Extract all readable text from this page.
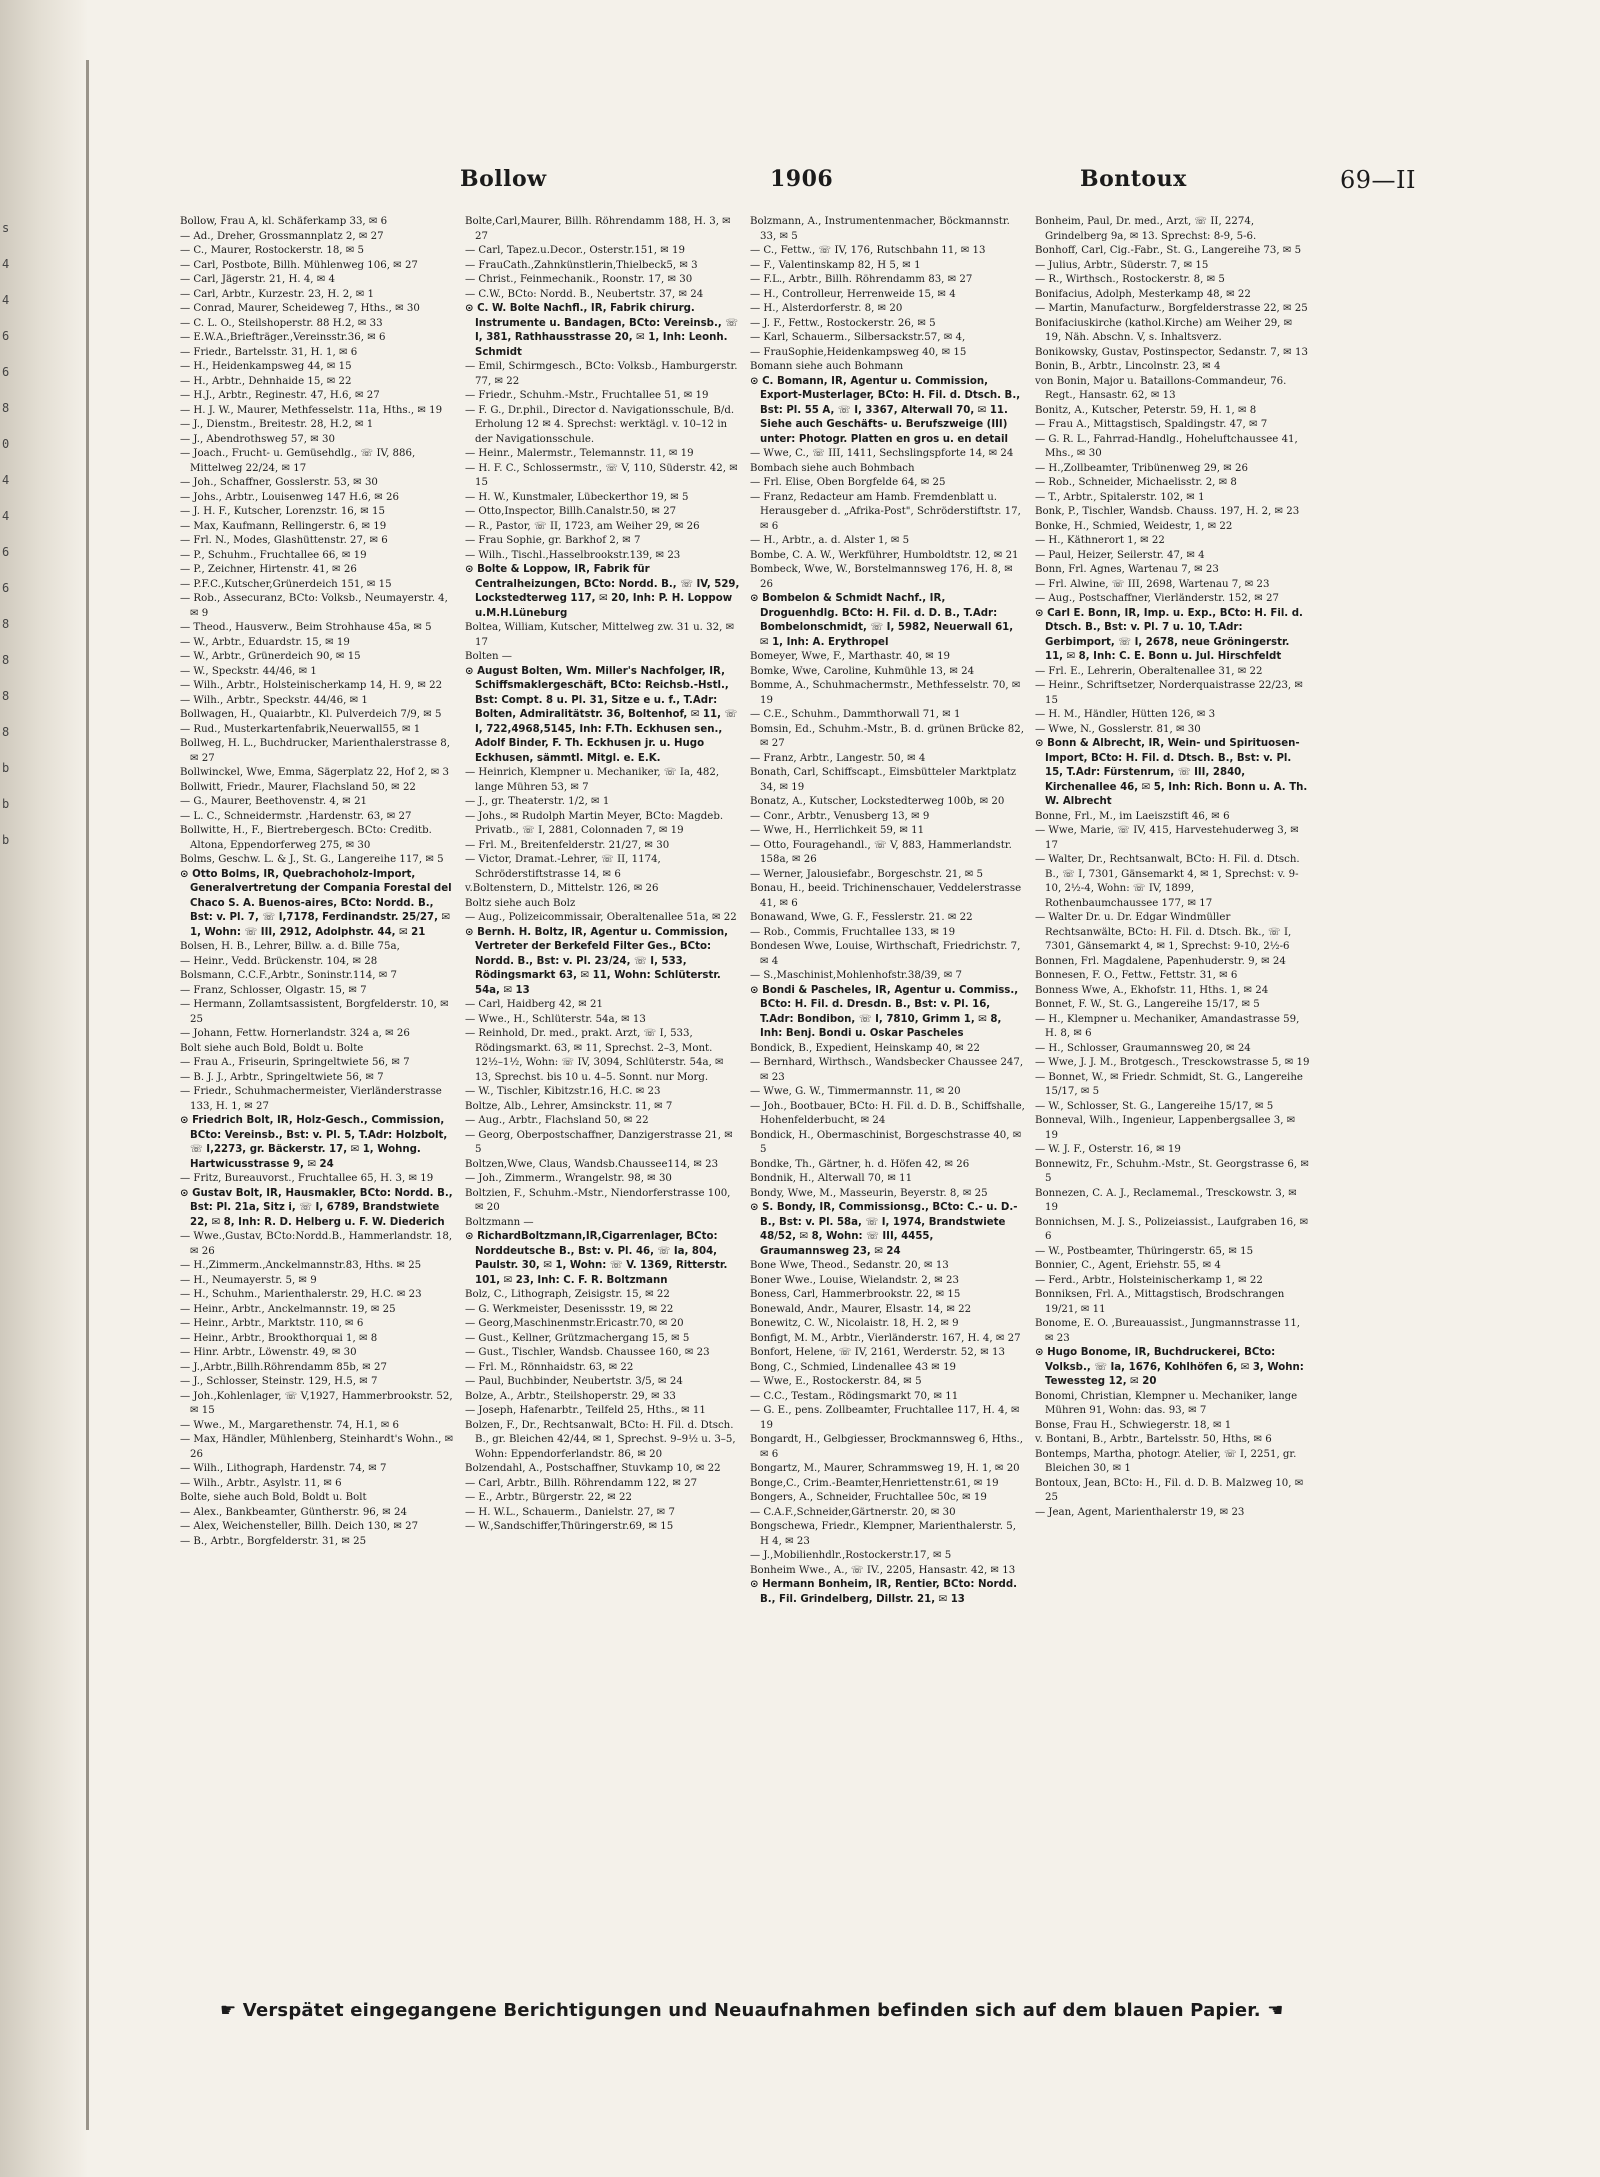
s
4
4
6
6
8
0
4
4
6
6
8
8
8
8
b
b
b
Bollow	1906	Bontoux	69—II

Bollow, Frau A, kl. Schäferkamp 33, ✉ 6

— Ad., Dreher, Grossmannplatz 2, ✉ 27

— C., Maurer, Rostockerstr. 18, ✉ 5

— Carl, Postbote, Billh. Mühlenweg 106, ✉ 27

— Carl, Jägerstr. 21, H. 4, ✉ 4

— Carl, Arbtr., Kurzestr. 23, H. 2, ✉ 1

— Conrad, Maurer, Scheideweg 7, Hths., ✉ 30

— C. L. O., Steilshoperstr. 88 H.2, ✉ 33

— E.W.A.,Briefträger.,Vereinsstr.36, ✉ 6

— Friedr., Bartelsstr. 31, H. 1, ✉ 6

— H., Heidenkampsweg 44, ✉ 15

— H., Arbtr., Dehnhaide 15, ✉ 22

— H.J., Arbtr., Reginestr. 47, H.6, ✉ 27

— H. J. W., Maurer, Methfesselstr. 11a, Hths., ✉ 19

— J., Dienstm., Breitestr. 28, H.2, ✉ 1

— J., Abendrothsweg 57, ✉ 30

— Joach., Frucht- u. Gemüsehdlg., ☏ IV, 886, Mittelweg 22/24, ✉ 17

— Joh., Schaffner, Gosslerstr. 53, ✉ 30

— Johs., Arbtr., Louisenweg 147 H.6, ✉ 26

— J. H. F., Kutscher, Lorenzstr. 16, ✉ 15

— Max, Kaufmann, Rellingerstr. 6, ✉ 19

— Frl. N., Modes, Glashüttenstr. 27, ✉ 6

— P., Schuhm., Fruchtallee 66, ✉ 19

— P., Zeichner, Hirtenstr. 41, ✉ 26

— P.F.C.,Kutscher,Grünerdeich 151, ✉ 15

— Rob., Assecuranz, BCto: Volksb., Neumayerstr. 4, ✉ 9

— Theod., Hausverw., Beim Strohhause 45a, ✉ 5

— W., Arbtr., Eduardstr. 15, ✉ 19

— W., Arbtr., Grünerdeich 90, ✉ 15

— W., Speckstr. 44/46, ✉ 1

— Wilh., Arbtr., Holsteinischerkamp 14, H. 9, ✉ 22

— Wilh., Arbtr., Speckstr. 44/46, ✉ 1

Bollwagen, H., Quaiarbtr., Kl. Pulverdeich 7/9, ✉ 5

— Rud., Musterkartenfabrik,Neuerwall55, ✉ 1

Bollweg, H. L., Buchdrucker, Marienthalerstrasse 8, ✉ 27

Bollwinckel, Wwe, Emma, Sägerplatz 22, Hof 2, ✉ 3

Bollwitt, Friedr., Maurer, Flachsland 50, ✉ 22

— G., Maurer, Beethovenstr. 4, ✉ 21

— L. C., Schneidermstr. ,Hardenstr. 63, ✉ 27

Bollwitte, H., F., Biertrebergesch. BCto: Creditb. Altona, Eppendorferweg 275, ✉ 30

Bolms, Geschw. L. & J., St. G., Langereihe 117, ✉ 5

⊙ Otto Bolms, IR, Quebrachoholz-Import, Generalvertretung der Compania Forestal del Chaco S. A. Buenos-aires, BCto: Nordd. B., Bst: v. Pl. 7, ☏ I,7178, Ferdinandstr. 25/27, ✉ 1, Wohn: ☏ III, 2912, Adolphstr. 44, ✉ 21

Bolsen, H. B., Lehrer, Billw. a. d. Bille 75a,

— Heinr., Vedd. Brückenstr. 104, ✉ 28

Bolsmann, C.C.F.,Arbtr., Soninstr.114, ✉ 7

— Franz, Schlosser, Olgastr. 15, ✉ 7

— Hermann, Zollamtsassistent, Borgfelderstr. 10, ✉ 25

— Johann, Fettw. Hornerlandstr. 324 a, ✉ 26

Bolt siehe auch Bold, Boldt u. Bolte

— Frau A., Friseurin, Springeltwiete 56, ✉ 7

— B. J. J., Arbtr., Springeltwiete 56, ✉ 7

— Friedr., Schuhmachermeister, Vierländerstrasse 133, H. 1, ✉ 27

⊙ Friedrich Bolt, IR, Holz-Gesch., Commission, BCto: Vereinsb., Bst: v. Pl. 5, T.Adr: Holzbolt, ☏ I,2273, gr. Bäckerstr. 17, ✉ 1, Wohng. Hartwicusstrasse 9, ✉ 24

— Fritz, Bureauvorst., Fruchtallee 65, H. 3, ✉ 19

⊙ Gustav Bolt, IR, Hausmakler, BCto: Nordd. B., Bst: Pl. 21a, Sitz i, ☏ I, 6789, Brandstwiete 22, ✉ 8, Inh: R. D. Helberg u. F. W. Diederich

— Wwe.,Gustav, BCto:Nordd.B., Hammerlandstr. 18, ✉ 26

— H.,Zimmerm.,Anckelmannstr.83, Hths. ✉ 25

— H., Neumayerstr. 5, ✉ 9

— H., Schuhm., Marienthalerstr. 29, H.C. ✉ 23

— Heinr., Arbtr., Anckelmannstr. 19, ✉ 25

— Heinr., Arbtr., Marktstr. 110, ✉ 6

— Heinr., Arbtr., Brookthorquai 1, ✉ 8

— Hinr. Arbtr., Löwenstr. 49, ✉ 30

— J.,Arbtr.,Billh.Röhrendamm 85b, ✉ 27

— J., Schlosser, Steinstr. 129, H.5, ✉ 7

— Joh.,Kohlenlager, ☏ V,1927, Hammerbrookstr. 52, ✉ 15

— Wwe., M., Margarethenstr. 74, H.1, ✉ 6

— Max, Händler, Mühlenberg, Steinhardt's Wohn., ✉ 26

— Wilh., Lithograph, Hardenstr. 74, ✉ 7

— Wilh., Arbtr., Asylstr. 11, ✉ 6

Bolte, siehe auch Bold, Boldt u. Bolt

— Alex., Bankbeamter, Güntherstr. 96, ✉ 24

— Alex, Weichensteller, Billh. Deich 130, ✉ 27

— B., Arbtr., Borgfelderstr. 31, ✉ 25

Bolte,Carl,Maurer, Billh. Röhrendamm 188, H. 3, ✉ 27

— Carl, Tapez.u.Decor., Osterstr.151, ✉ 19

— FrauCath.,Zahnkünstlerin,Thielbeck5, ✉ 3

— Christ., Feinmechanik., Roonstr. 17, ✉ 30

— C.W., BCto: Nordd. B., Neubertstr. 37, ✉ 24

⊙ C. W. Bolte Nachfl., IR, Fabrik chirurg. Instrumente u. Bandagen, BCto: Vereinsb., ☏ I, 381, Rathhausstrasse 20, ✉ 1, Inh: Leonh. Schmidt

— Emil, Schirmgesch., BCto: Volksb., Hamburgerstr. 77, ✉ 22

— Friedr., Schuhm.-Mstr., Fruchtallee 51, ✉ 19

— F. G., Dr.phil., Director d. Navigationsschule, B/d. Erholung 12 ✉ 4. Sprechst: werktägl. v. 10–12 in der Navigationsschule.

— Heinr., Malermstr., Telemannstr. 11, ✉ 19

— H. F. C., Schlossermstr., ☏ V, 110, Süderstr. 42, ✉ 15

— H. W., Kunstmaler, Lübeckerthor 19, ✉ 5

— Otto,Inspector, Billh.Canalstr.50, ✉ 27

— R., Pastor, ☏ II, 1723, am Weiher 29, ✉ 26

— Frau Sophie, gr. Barkhof 2, ✉ 7

— Wilh., Tischl.,Hasselbrookstr.139, ✉ 23

⊙ Bolte & Loppow, IR, Fabrik für Centralheizungen, BCto: Nordd. B., ☏ IV, 529, Lockstedterweg 117, ✉ 20, Inh: P. H. Loppow u.M.H.Lüneburg

Boltea, William, Kutscher, Mittelweg zw. 31 u. 32, ✉ 17

Bolten —

⊙ August Bolten, Wm. Miller's Nachfolger, IR, Schiffsmaklergeschäft, BCto: Reichsb.-Hstl., Bst: Compt. 8 u. Pl. 31, Sitze e u. f., T.Adr: Bolten, Admiralitätstr. 36, Boltenhof, ✉ 11, ☏ I, 722,4968,5145, Inh: F.Th. Eckhusen sen., Adolf Binder, F. Th. Eckhusen jr. u. Hugo Eckhusen, sämmtl. Mitgl. e. E.K.

— Heinrich, Klempner u. Mechaniker, ☏ Ia, 482, lange Mühren 53, ✉ 7

— J., gr. Theaterstr. 1/2, ✉ 1

— Johs., ✉ Rudolph Martin Meyer, BCto: Magdeb. Privatb., ☏ I, 2881, Colonnaden 7, ✉ 19

— Frl. M., Breitenfelderstr. 21/27, ✉ 30

— Victor, Dramat.-Lehrer, ☏ II, 1174, Schröderstiftstrasse 14, ✉ 6

v.Boltenstern, D., Mittelstr. 126, ✉ 26

Boltz siehe auch Bolz

— Aug., Polizeicommissair, Oberaltenallee 51a, ✉ 22

⊙ Bernh. H. Boltz, IR, Agentur u. Commission, Vertreter der Berkefeld Filter Ges., BCto: Nordd. B., Bst: v. Pl. 23/24, ☏ I, 533, Rödingsmarkt 63, ✉ 11, Wohn: Schlüterstr. 54a, ✉ 13

— Carl, Haidberg 42, ✉ 21

— Wwe., H., Schlüterstr. 54a, ✉ 13

— Reinhold, Dr. med., prakt. Arzt, ☏ I, 533, Rödingsmarkt. 63, ✉ 11, Sprechst. 2–3, Mont. 12½–1½, Wohn: ☏ IV, 3094, Schlüterstr. 54a, ✉ 13, Sprechst. bis 10 u. 4–5. Sonnt. nur Morg.

— W., Tischler, Kibitzstr.16, H.C. ✉ 23

Boltze, Alb., Lehrer, Amsinckstr. 11, ✉ 7

— Aug., Arbtr., Flachsland 50, ✉ 22

— Georg, Oberpostschaffner, Danzigerstrasse 21, ✉ 5

Boltzen,Wwe, Claus, Wandsb.Chaussee114, ✉ 23

— Joh., Zimmerm., Wrangelstr. 98, ✉ 30

Boltzien, F., Schuhm.-Mstr., Niendorferstrasse 100, ✉ 20

Boltzmann —

⊙ RichardBoltzmann,IR,Cigarrenlager, BCto: Norddeutsche B., Bst: v. Pl. 46, ☏ Ia, 804, Paulstr. 30, ✉ 1, Wohn: ☏ V. 1369, Ritterstr. 101, ✉ 23, Inh: C. F. R. Boltzmann

Bolz, C., Lithograph, Zeisigstr. 15, ✉ 22

— G. Werkmeister, Desenissstr. 19, ✉ 22

— Georg,Maschinenmstr.Ericastr.70, ✉ 20

— Gust., Kellner, Grützmachergang 15, ✉ 5

— Gust., Tischler, Wandsb. Chaussee 160, ✉ 23

— Frl. M., Rönnhaidstr. 63, ✉ 22

— Paul, Buchbinder, Neubertstr. 3/5, ✉ 24

Bolze, A., Arbtr., Steilshoperstr. 29, ✉ 33

— Joseph, Hafenarbtr., Teilfeld 25, Hths., ✉ 11

Bolzen, F., Dr., Rechtsanwalt, BCto: H. Fil. d. Dtsch. B., gr. Bleichen 42/44, ✉ 1, Sprechst. 9–9½ u. 3–5, Wohn: Eppendorferlandstr. 86, ✉ 20

Bolzendahl, A., Postschaffner, Stuvkamp 10, ✉ 22

— Carl, Arbtr., Billh. Röhrendamm 122, ✉ 27

— E., Arbtr., Bürgerstr. 22, ✉ 22

— H. W.L., Schauerm., Danielstr. 27, ✉ 7

— W.,Sandschiffer,Thüringerstr.69, ✉ 15

Bolzmann, A., Instrumentenmacher, Böckmannstr. 33, ✉ 5

— C., Fettw., ☏ IV, 176, Rutschbahn 11, ✉ 13

— F., Valentinskamp 82, H 5, ✉ 1

— F.L., Arbtr., Billh. Röhrendamm 83, ✉ 27

— H., Controlleur, Herrenweide 15, ✉ 4

— H., Alsterdorferstr. 8, ✉ 20

— J. F., Fettw., Rostockerstr. 26, ✉ 5

— Karl, Schauerm., Silbersackstr.57, ✉ 4,

— FrauSophie,Heidenkampsweg 40, ✉ 15

Bomann siehe auch Bohmann

⊙ C. Bomann, IR, Agentur u. Commission, Export-Musterlager, BCto: H. Fil. d. Dtsch. B., Bst: Pl. 55 A, ☏ I, 3367, Alterwall 70, ✉ 11. Siehe auch Geschäfts- u. Berufszweige (III) unter: Photogr. Platten en gros u. en detail

— Wwe, C., ☏ III, 1411, Sechslingspforte 14, ✉ 24

Bombach siehe auch Bohmbach

— Frl. Elise, Oben Borgfelde 64, ✉ 25

— Franz, Redacteur am Hamb. Fremdenblatt u. Herausgeber d. „Afrika-Post", Schröderstiftstr. 17, ✉ 6

— H., Arbtr., a. d. Alster 1, ✉ 5

Bombe, C. A. W., Werkführer, Humboldtstr. 12, ✉ 21

Bombeck, Wwe, W., Borstelmannsweg 176, H. 8, ✉ 26

⊙ Bombelon & Schmidt Nachf., IR, Droguenhdlg. BCto: H. Fil. d. D. B., T.Adr: Bombelonschmidt, ☏ I, 5982, Neuerwall 61, ✉ 1, Inh: A. Erythropel

Bomeyer, Wwe, F., Marthastr. 40, ✉ 19

Bomke, Wwe, Caroline, Kuhmühle 13, ✉ 24

Bomme, A., Schuhmachermstr., Methfesselstr. 70, ✉ 19

— C.E., Schuhm., Dammthorwall 71, ✉ 1

Bomsin, Ed., Schuhm.-Mstr., B. d. grünen Brücke 82, ✉ 27

— Franz, Arbtr., Langestr. 50, ✉ 4

Bonath, Carl, Schiffscapt., Eimsbütteler Marktplatz 34, ✉ 19

Bonatz, A., Kutscher, Lockstedterweg 100b, ✉ 20

— Conr., Arbtr., Venusberg 13, ✉ 9

— Wwe, H., Herrlichkeit 59, ✉ 11

— Otto, Fouragehandl., ☏ V, 883, Hammerlandstr. 158a, ✉ 26

— Werner, Jalousiefabr., Borgeschstr. 21, ✉ 5

Bonau, H., beeid. Trichinenschauer, Veddelerstrasse 41, ✉ 6

Bonawand, Wwe, G. F., Fesslerstr. 21. ✉ 22

— Rob., Commis, Fruchtallee 133, ✉ 19

Bondesen Wwe, Louise, Wirthschaft, Friedrichstr. 7, ✉ 4

— S.,Maschinist,Mohlenhofstr.38/39, ✉ 7

⊙ Bondi & Pascheles, IR, Agentur u. Commiss., BCto: H. Fil. d. Dresdn. B., Bst: v. Pl. 16, T.Adr: Bondibon, ☏ I, 7810, Grimm 1, ✉ 8, Inh: Benj. Bondi u. Oskar Pascheles

Bondick, B., Expedient, Heinskamp 40, ✉ 22

— Bernhard, Wirthsch., Wandsbecker Chaussee 247, ✉ 23

— Wwe, G. W., Timmermannstr. 11, ✉ 20

— Joh., Bootbauer, BCto: H. Fil. d. D. B., Schiffshalle, Hohenfelderbucht, ✉ 24

Bondick, H., Obermaschinist, Borgeschstrasse 40, ✉ 5

Bondke, Th., Gärtner, h. d. Höfen 42, ✉ 26

Bondnik, H., Alterwall 70, ✉ 11

Bondy, Wwe, M., Masseurin, Beyerstr. 8, ✉ 25

⊙ S. Bondy, IR, Commissionsg., BCto: C.- u. D.-B., Bst: v. Pl. 58a, ☏ I, 1974, Brandstwiete 48/52, ✉ 8, Wohn: ☏ III, 4455, Graumannsweg 23, ✉ 24

Bone Wwe, Theod., Sedanstr. 20, ✉ 13

Boner Wwe., Louise, Wielandstr. 2, ✉ 23

Boness, Carl, Hammerbrookstr. 22, ✉ 15

Bonewald, Andr., Maurer, Elsastr. 14, ✉ 22

Bonewitz, C. W., Nicolaistr. 18, H. 2, ✉ 9

Bonfigt, M. M., Arbtr., Vierländerstr. 167, H. 4, ✉ 27

Bonfort, Helene, ☏ IV, 2161, Werderstr. 52, ✉ 13

Bong, C., Schmied, Lindenallee 43 ✉ 19

— Wwe, E., Rostockerstr. 84, ✉ 5

— C.C., Testam., Rödingsmarkt 70, ✉ 11

— G. E., pens. Zollbeamter, Fruchtallee 117, H. 4, ✉ 19

Bongardt, H., Gelbgiesser, Brockmannsweg 6, Hths., ✉ 6

Bongartz, M., Maurer, Schrammsweg 19, H. 1, ✉ 20

Bonge,C., Crim.-Beamter,Henriettenstr.61, ✉ 19

Bongers, A., Schneider, Fruchtallee 50c, ✉ 19

— C.A.F.,Schneider,Gärtnerstr. 20, ✉ 30

Bongschewa, Friedr., Klempner, Marienthalerstr. 5, H 4, ✉ 23

— J.,Mobilienhdlr.,Rostockerstr.17, ✉ 5

Bonheim Wwe., A., ☏ IV., 2205, Hansastr. 42, ✉ 13

⊙ Hermann Bonheim, IR, Rentier, BCto: Nordd. B., Fil. Grindelberg, Dillstr. 21, ✉ 13

Bonheim, Paul, Dr. med., Arzt, ☏ II, 2274, Grindelberg 9a, ✉ 13. Sprechst: 8-9, 5-6.

Bonhoff, Carl, Cig.-Fabr., St. G., Langereihe 73, ✉ 5

— Julius, Arbtr., Süderstr. 7, ✉ 15

— R., Wirthsch., Rostockerstr. 8, ✉ 5

Bonifacius, Adolph, Mesterkamp 48, ✉ 22

— Martin, Manufacturw., Borgfelderstrasse 22, ✉ 25

Bonifaciuskirche (kathol.Kirche) am Weiher 29, ✉ 19, Näh. Abschn. V, s. Inhaltsverz.

Bonikowsky, Gustav, Postinspector, Sedanstr. 7, ✉ 13

Bonin, B., Arbtr., Lincolnstr. 23, ✉ 4

von Bonin, Major u. Bataillons-Commandeur, 76. Regt., Hansastr. 62, ✉ 13

Bonitz, A., Kutscher, Peterstr. 59, H. 1, ✉ 8

— Frau A., Mittagstisch, Spaldingstr. 47, ✉ 7

— G. R. L., Fahrrad-Handlg., Hoheluftchaussee 41, Mhs., ✉ 30

— H.,Zollbeamter, Tribünenweg 29, ✉ 26

— Rob., Schneider, Michaelisstr. 2, ✉ 8

— T., Arbtr., Spitalerstr. 102, ✉ 1

Bonk, P., Tischler, Wandsb. Chauss. 197, H. 2, ✉ 23

Bonke, H., Schmied, Weidestr, 1, ✉ 22

— H., Käthnerort 1, ✉ 22

— Paul, Heizer, Seilerstr. 47, ✉ 4

Bonn, Frl. Agnes, Wartenau 7, ✉ 23

— Frl. Alwine, ☏ III, 2698, Wartenau 7, ✉ 23

— Aug., Postschaffner, Vierländerstr. 152, ✉ 27

⊙ Carl E. Bonn, IR, Imp. u. Exp., BCto: H. Fil. d. Dtsch. B., Bst: v. Pl. 7 u. 10, T.Adr: Gerbimport, ☏ I, 2678, neue Gröningerstr. 11, ✉ 8, Inh: C. E. Bonn u. Jul. Hirschfeldt

— Frl. E., Lehrerin, Oberaltenallee 31, ✉ 22

— Heinr., Schriftsetzer, Norderquaistrasse 22/23, ✉ 15

— H. M., Händler, Hütten 126, ✉ 3

— Wwe, N., Gosslerstr. 81, ✉ 30

⊙ Bonn & Albrecht, IR, Wein- und Spirituosen-Import, BCto: H. Fil. d. Dtsch. B., Bst: v. Pl. 15, T.Adr: Fürstenrum, ☏ III, 2840, Kirchenallee 46, ✉ 5, Inh: Rich. Bonn u. A. Th. W. Albrecht

Bonne, Frl., M., im Laeiszstift 46, ✉ 6

— Wwe, Marie, ☏ IV, 415, Harvestehuderweg 3, ✉ 17

— Walter, Dr., Rechtsanwalt, BCto: H. Fil. d. Dtsch. B., ☏ I, 7301, Gänsemarkt 4, ✉ 1, Sprechst: v. 9-10, 2½-4, Wohn: ☏ IV, 1899, Rothenbaumchaussee 177, ✉ 17

— Walter Dr. u. Dr. Edgar Windmüller Rechtsanwälte, BCto: H. Fil. d. Dtsch. Bk., ☏ I, 7301, Gänsemarkt 4, ✉ 1, Sprechst: 9-10, 2½-6

Bonnen, Frl. Magdalene, Papenhuderstr. 9, ✉ 24

Bonnesen, F. O., Fettw., Fettstr. 31, ✉ 6

Bonness Wwe, A., Ekhofstr. 11, Hths. 1, ✉ 24

Bonnet, F. W., St. G., Langereihe 15/17, ✉ 5

— H., Klempner u. Mechaniker, Amandastrasse 59, H. 8, ✉ 6

— H., Schlosser, Graumannsweg 20, ✉ 24

— Wwe, J. J. M., Brotgesch., Tresckowstrasse 5, ✉ 19

— Bonnet, W., ✉ Friedr. Schmidt, St. G., Langereihe 15/17, ✉ 5

— W., Schlosser, St. G., Langereihe 15/17, ✉ 5

Bonneval, Wilh., Ingenieur, Lappenbergsallee 3, ✉ 19

— W. J. F., Osterstr. 16, ✉ 19

Bonnewitz, Fr., Schuhm.-Mstr., St. Georgstrasse 6, ✉ 5

Bonnezen, C. A. J., Reclamemal., Tresckowstr. 3, ✉ 19

Bonnichsen, M. J. S., Polizeiassist., Laufgraben 16, ✉ 6

— W., Postbeamter, Thüringerstr. 65, ✉ 15

Bonnier, C., Agent, Eriehstr. 55, ✉ 4

— Ferd., Arbtr., Holsteinischerkamp 1, ✉ 22

Bonniksen, Frl. A., Mittagstisch, Brodschrangen 19/21, ✉ 11

Bonome, E. O. ,Bureauassist., Jungmannstrasse 11, ✉ 23

⊙ Hugo Bonome, IR, Buchdruckerei, BCto: Volksb., ☏ Ia, 1676, Kohlhöfen 6, ✉ 3, Wohn: Tewessteg 12, ✉ 20

Bonomi, Christian, Klempner u. Mechaniker, lange Mühren 91, Wohn: das. 93, ✉ 7

Bonse, Frau H., Schwiegerstr. 18, ✉ 1

v. Bontani, B., Arbtr., Bartelsstr. 50, Hths, ✉ 6

Bontemps, Martha, photogr. Atelier, ☏ I, 2251, gr. Bleichen 30, ✉ 1

Bontoux, Jean, BCto: H., Fil. d. D. B. Malzweg 10, ✉ 25

— Jean, Agent, Marienthalerstr 19, ✉ 23

☛ Verspätet eingegangene Berichtigungen und Neuaufnahmen befinden sich auf dem blauen Papier. ☚
